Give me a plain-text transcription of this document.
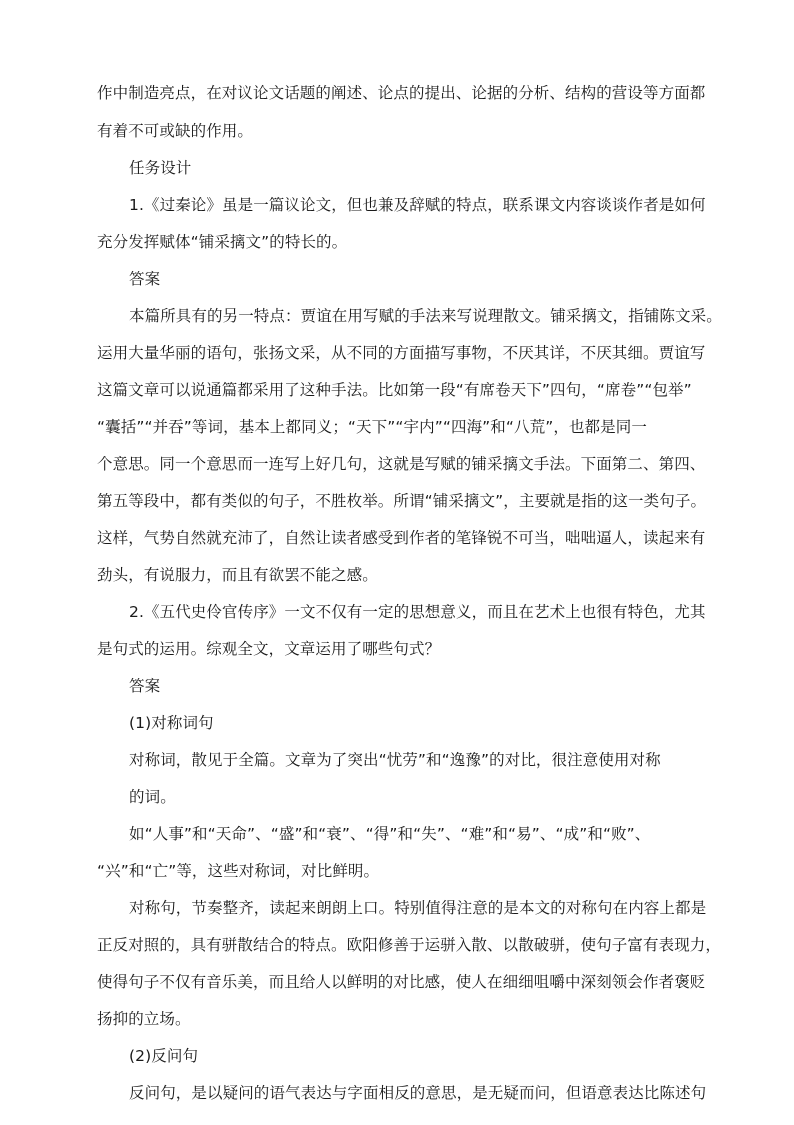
作中制造亮点，在对议论文话题的阐述、论点的提出、论据的分析、结构的营设等方面都
有着不可或缺的作用。
任务设计
1.《过秦论》虽是一篇议论文，但也兼及辞赋的特点，联系课文内容谈谈作者是如何
充分发挥赋体“铺采摛文”的特长的。
答案
本篇所具有的另一特点：贾谊在用写赋的手法来写说理散文。铺采摛文，指铺陈文采。
运用大量华丽的语句，张扬文采，从不同的方面描写事物，不厌其详，不厌其细。贾谊写
这篇文章可以说通篇都采用了这种手法。比如第一段“有席卷天下”四句，“席卷”“包举”
“囊括”“并吞”等词，基本上都同义；“天下”“宇内”“四海”和“八荒”，也都是同一
个意思。同一个意思而一连写上好几句，这就是写赋的铺采摛文手法。下面第二、第四、
第五等段中，都有类似的句子，不胜枚举。所谓“铺采摛文”，主要就是指的这一类句子。
这样，气势自然就充沛了，自然让读者感受到作者的笔锋锐不可当，咄咄逼人，读起来有
劲头，有说服力，而且有欲罢不能之感。
2.《五代史伶官传序》一文不仅有一定的思想意义，而且在艺术上也很有特色，尤其
是句式的运用。综观全文，文章运用了哪些句式？
答案
(1)对称词句
对称词，散见于全篇。文章为了突出“忧劳”和“逸豫”的对比，很注意使用对称
的词。
如“人事”和“天命”、“盛”和“衰”、“得”和“失”、“难”和“易”、“成”和“败”、
“兴”和“亡”等，这些对称词，对比鲜明。
对称句，节奏整齐，读起来朗朗上口。特别值得注意的是本文的对称句在内容上都是
正反对照的，具有骈散结合的特点。欧阳修善于运骈入散、以散破骈，使句子富有表现力，
使得句子不仅有音乐美，而且给人以鲜明的对比感，使人在细细咀嚼中深刻领会作者褒贬
扬抑的立场。
(2)反问句
反问句，是以疑问的语气表达与字面相反的意思，是无疑而问，但语意表达比陈述句
